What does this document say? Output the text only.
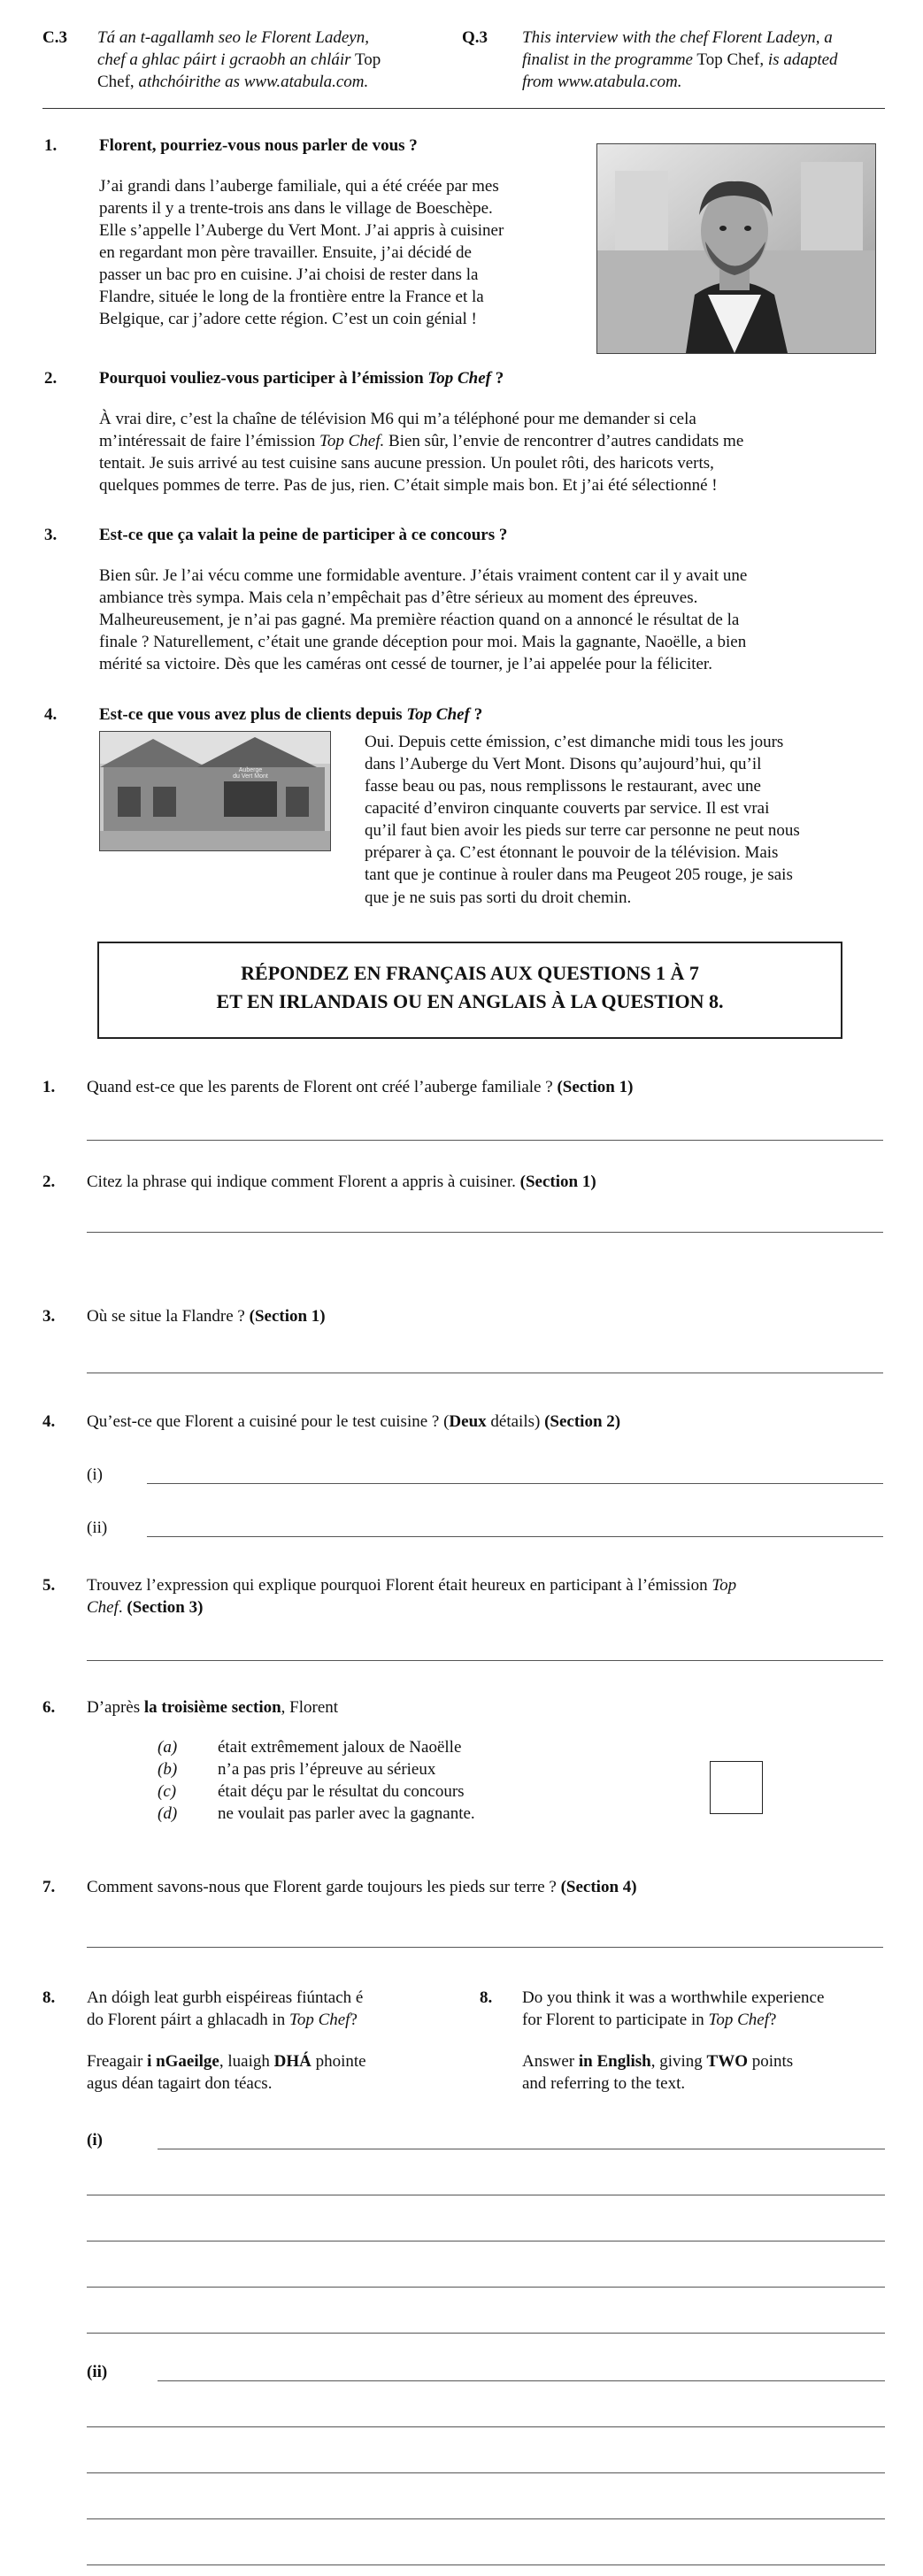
C.3 Tá an t-agallamh seo le Florent Ladeyn,
chef a ghlac páirt i gcraobh an chláir Top
Chef, athchóirithe as www.atabula.com.
Q.3 This interview with the chef Florent Ladeyn, a
finalist in the programme Top Chef, is adapted
from www.atabula.com.
1.	Florent, pourriez-vous nous parler de vous ?
J’ai grandi dans l’auberge familiale, qui a été créée par mes
parents il y a trente-trois ans dans le village de Boeschèpe.
Elle s’appelle l’Auberge du Vert Mont. J’ai appris à cuisiner
en regardant mon père travailler. Ensuite, j’ai décidé de
passer un bac pro en cuisine. J’ai choisi de rester dans la
Flandre, située le long de la frontière entre la France et la
Belgique, car j’adore cette région. C’est un coin génial !
2.	Pourquoi vouliez-vous participer à l’émission Top Chef ?
À vrai dire, c’est la chaîne de télévision M6 qui m’a téléphoné pour me demander si cela
m’intéressait de faire l’émission Top Chef. Bien sûr, l’envie de rencontrer d’autres candidats me
tentait. Je suis arrivé au test cuisine sans aucune pression. Un poulet rôti, des haricots verts,
quelques pommes de terre. Pas de jus, rien. C’était simple mais bon. Et j’ai été sélectionné !
3.	Est-ce que ça valait la peine de participer à ce concours ?
Bien sûr. Je l’ai vécu comme une formidable aventure. J’étais vraiment content car il y avait une
ambiance très sympa. Mais cela n’empêchait pas d’être sérieux au moment des épreuves.
Malheureusement, je n’ai pas gagné. Ma première réaction quand on a annoncé le résultat de la
finale ? Naturellement, c’était une grande déception pour moi. Mais la gagnante, Naoëlle, a bien
mérité sa victoire. Dès que les caméras ont cessé de tourner, je l’ai appelée pour la féliciter.
4.	Est-ce que vous avez plus de clients depuis Top Chef ?
Auberge
du Vert Mont
Oui. Depuis cette émission, c’est dimanche midi tous les jours
dans l’Auberge du Vert Mont. Disons qu’aujourd’hui, qu’il
fasse beau ou pas, nous remplissons le restaurant, avec une
capacité d’environ cinquante couverts par service. Il est vrai
qu’il faut bien avoir les pieds sur terre car personne ne peut nous
préparer à ça. C’est étonnant le pouvoir de la télévision. Mais
tant que je continue à rouler dans ma Peugeot 205 rouge, je sais
que je ne suis pas sorti du droit chemin.
RÉPONDEZ EN FRANÇAIS AUX QUESTIONS 1 À 7
ET EN IRLANDAIS OU EN ANGLAIS À LA QUESTION 8.
1. Quand est-ce que les parents de Florent ont créé l’auberge familiale ? (Section 1)
2. Citez la phrase qui indique comment Florent a appris à cuisiner. (Section 1)
3. Où se situe la Flandre ? (Section 1)
4. Qu’est-ce que Florent a cuisiné pour le test cuisine ? (Deux détails) (Section 2)
(i)
(ii)
5. Trouvez l’expression qui explique pourquoi Florent était heureux en participant à l’émission Top
Chef. (Section 3)
6. D’après la troisième section, Florent
(a) était extrêmement jaloux de Naoëlle
(b) n’a pas pris l’épreuve au sérieux
(c) était déçu par le résultat du concours
(d) ne voulait pas parler avec la gagnante.
7. Comment savons-nous que Florent garde toujours les pieds sur terre ? (Section 4)
8. An dóigh leat gurbh eispéireas fiúntach é
do Florent páirt a ghlacadh in Top Chef?
Freagair i nGaeilge, luaigh DHÁ phointe
agus déan tagairt don téacs.
8. Do you think it was a worthwhile experience
for Florent to participate in Top Chef?
Answer in English, giving TWO points
and referring to the text.
(i)
(ii)
